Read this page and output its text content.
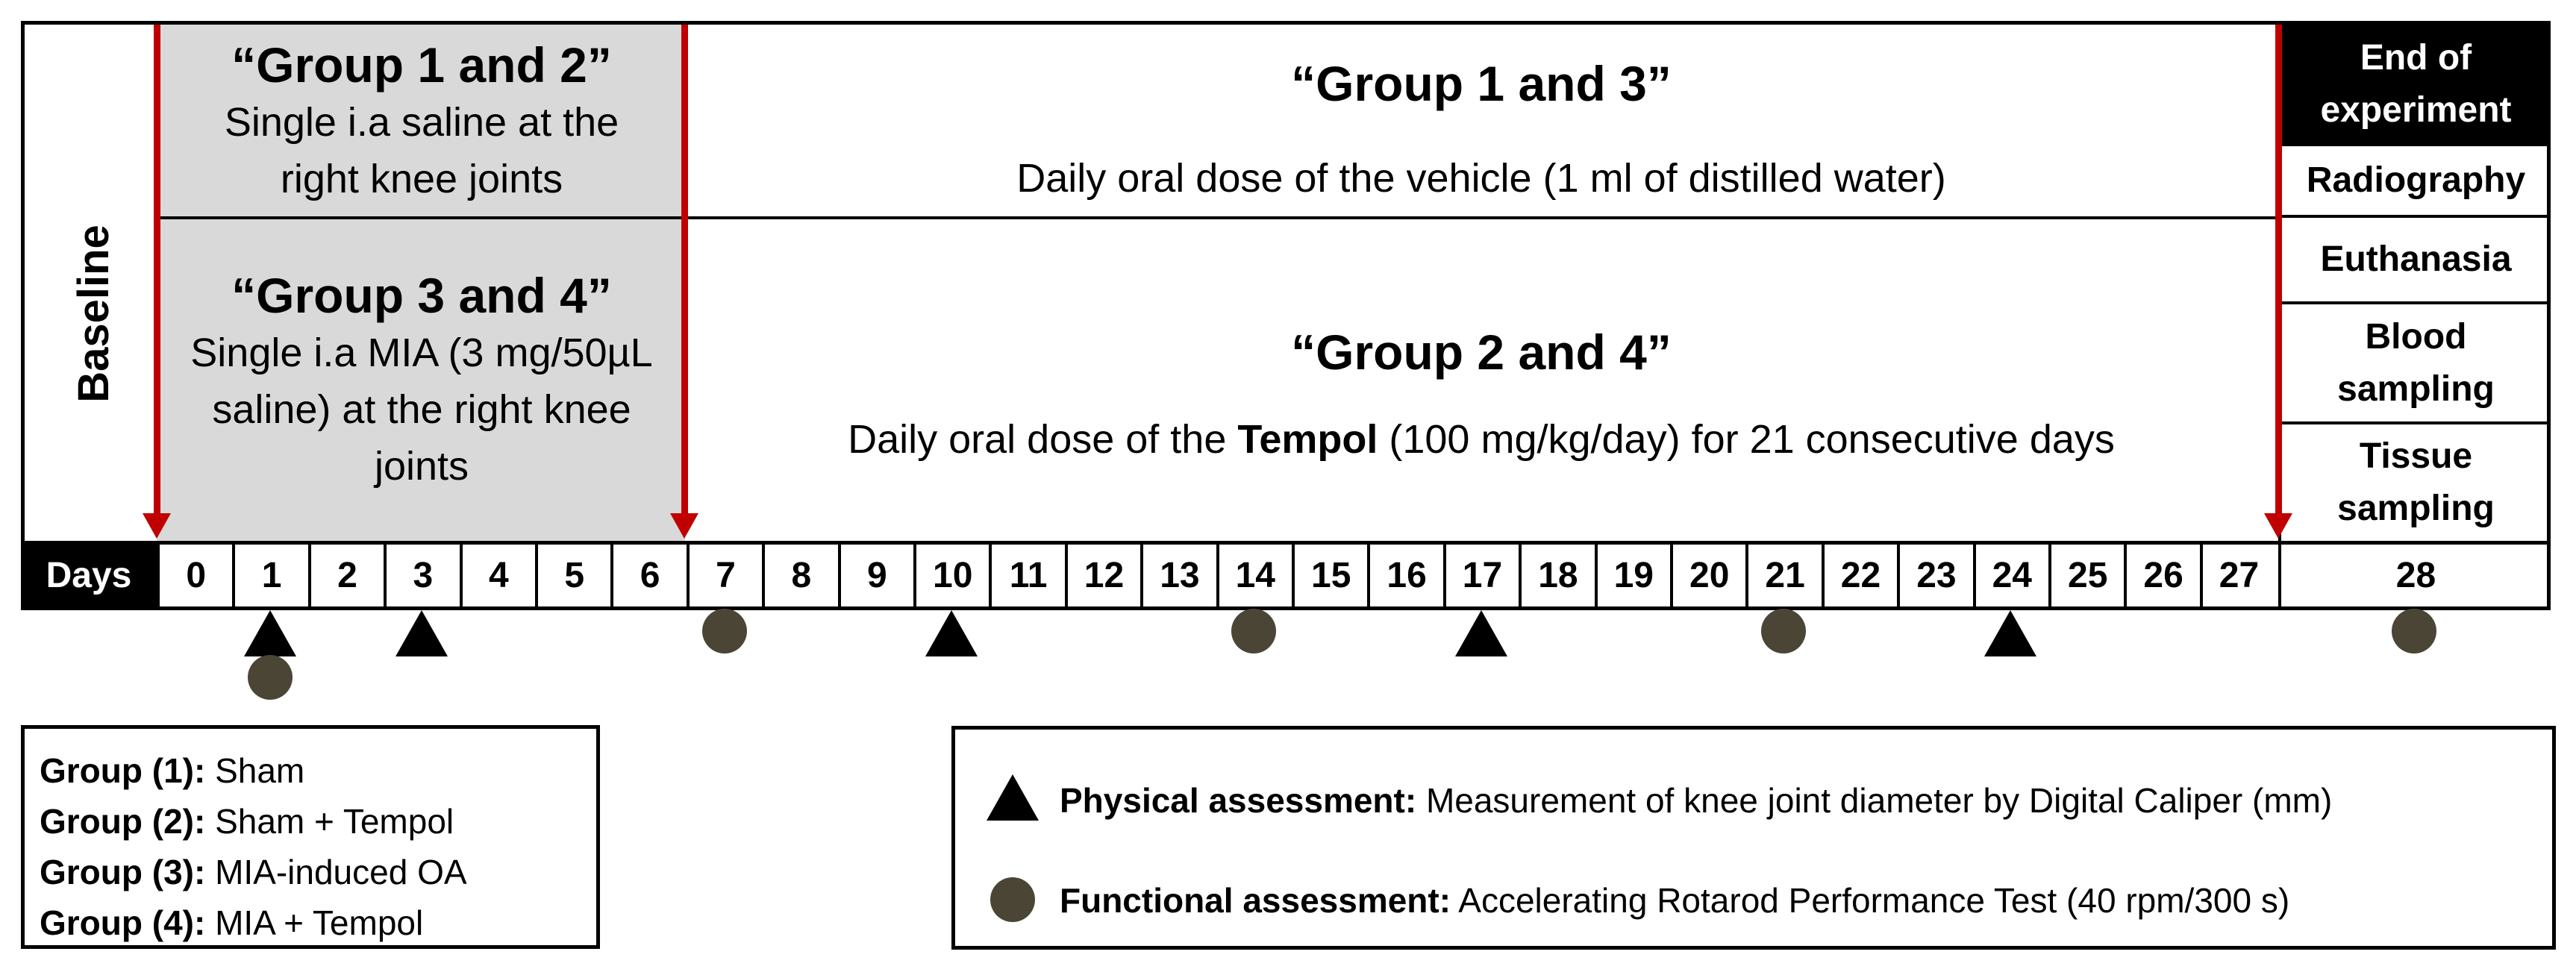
Baseline
“Group 1 and 2”
Single i.a saline at the right knee joints
“Group 3 and 4”
Single i.a MIA (3 mg/50µL saline) at the right knee joints
“Group 1 and 3”
Daily oral dose of the vehicle (1 ml of distilled water)
“Group 2 and 4”
Daily oral dose of the Tempol (100 mg/kg/day) for 21 consecutive days
End of experiment
Radiography
Euthanasia
Blood sampling
Tissue sampling
Days	0	1	2	3	4	5	6	7	8	9	10	11	12	13	14	15	16	17	18	19	20	21	22	23	24	25	26	27	28
Group (1): Sham
Group (2): Sham + Tempol
Group (3): MIA-induced OA
Group (4): MIA + Tempol
Physical assessment: Measurement of knee joint diameter by Digital Caliper (mm)
Functional assessment: Accelerating Rotarod Performance Test (40 rpm/300 s)
